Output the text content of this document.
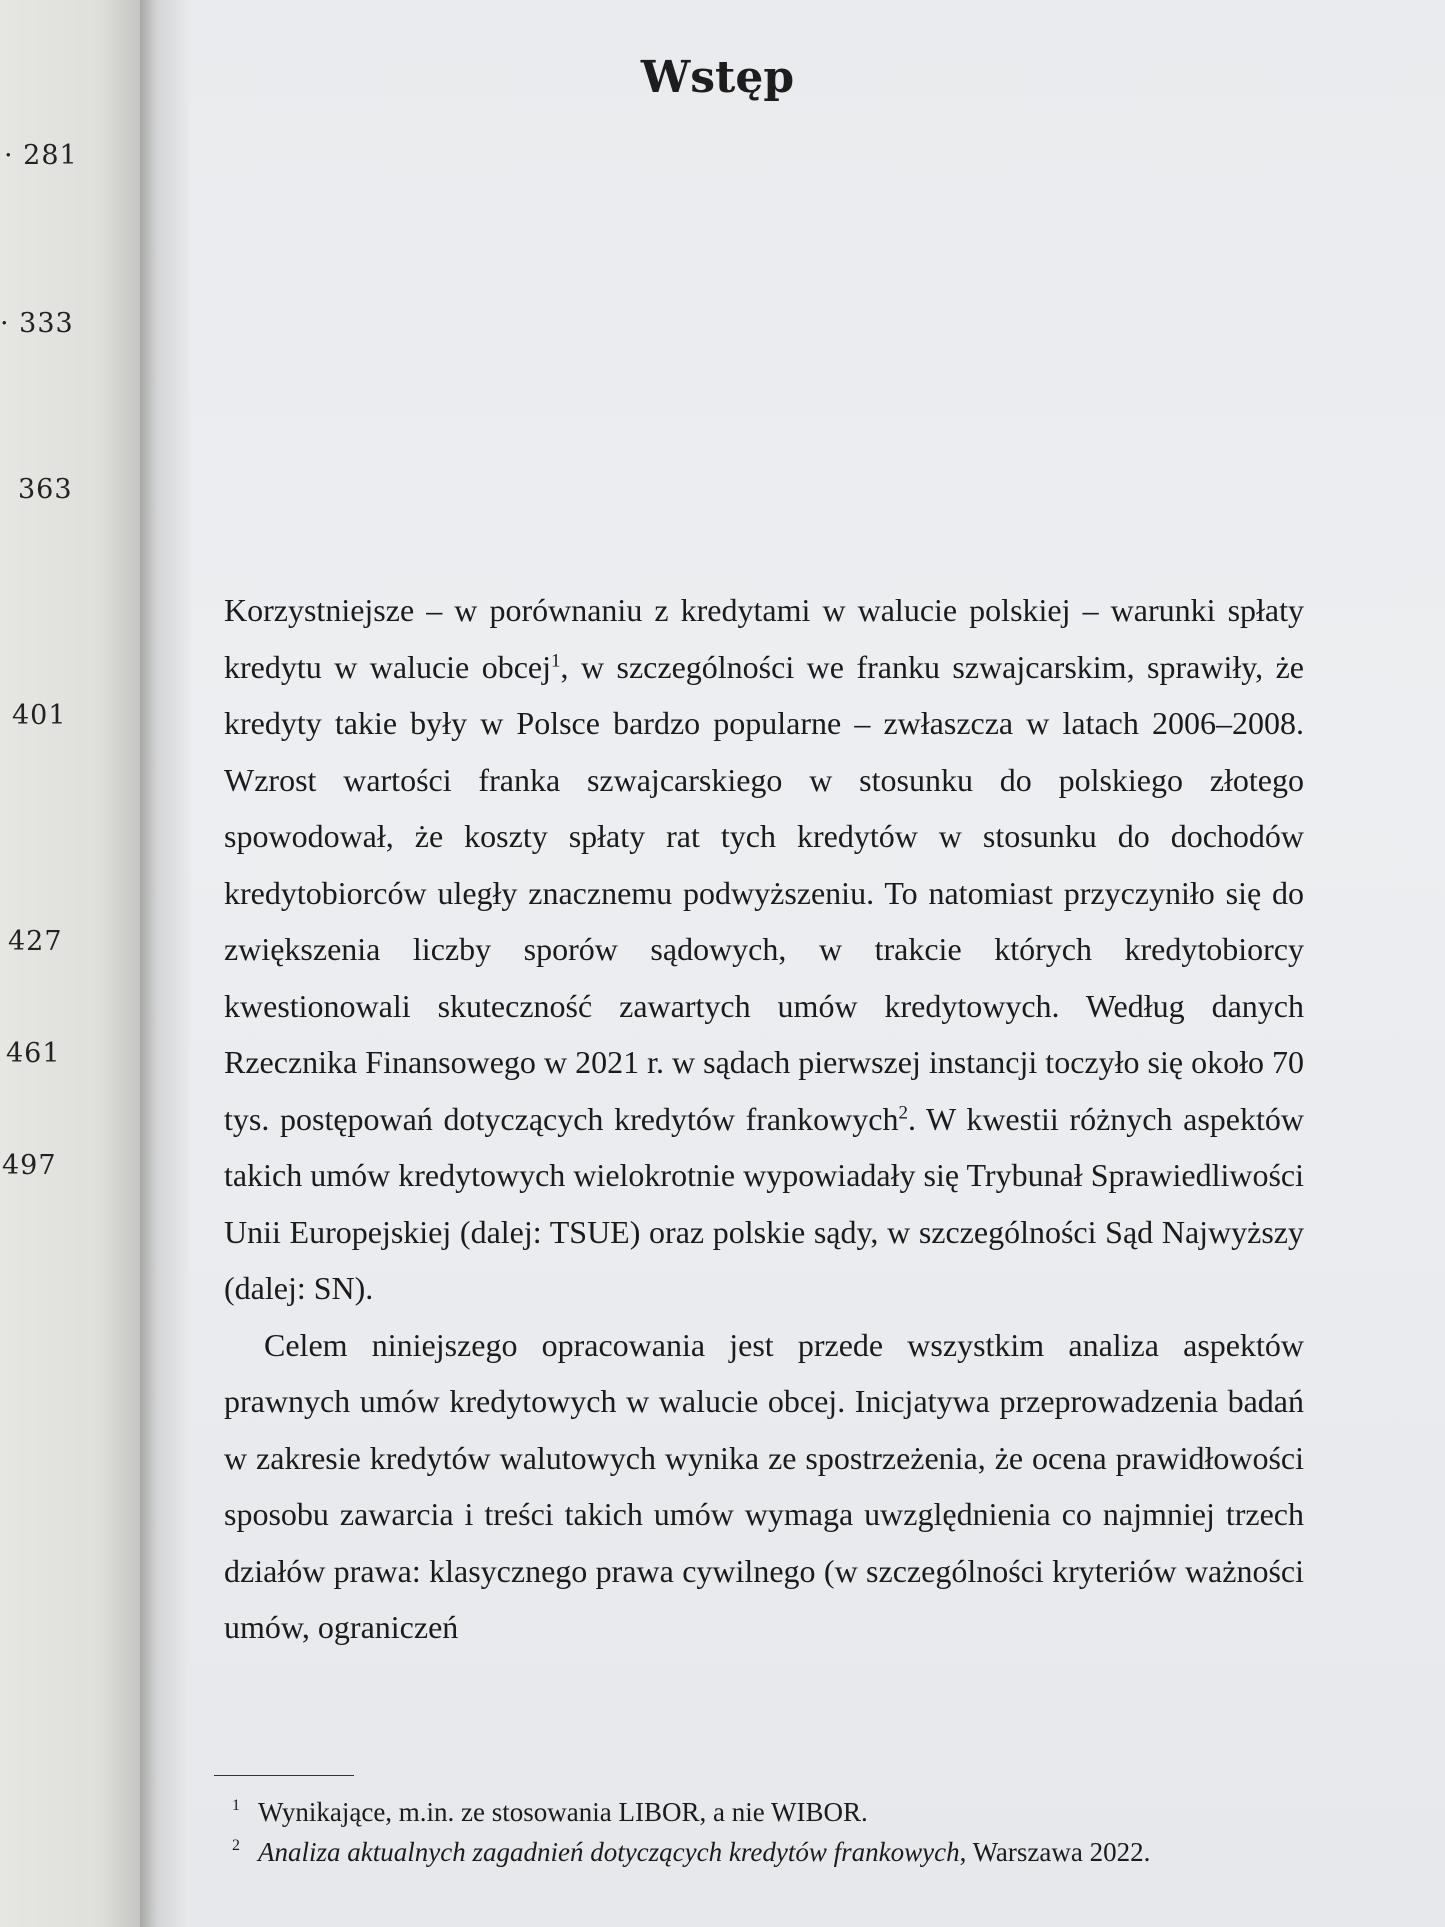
· 281
· 333
363
401
427
461
497
Wstęp

Korzystniejsze – w porównaniu z kredytami w walucie polskiej – warunki spłaty kredytu w walucie obcej$^1$, w szczególności we franku szwajcarskim, sprawiły, że kredyty takie były w Polsce bardzo popularne – zwłaszcza w latach 2006–2008. Wzrost wartości franka szwajcarskiego w stosunku do polskiego złotego spowodował, że koszty spłaty rat tych kredytów w stosunku do dochodów kredytobiorców uległy znacznemu podwyższeniu. To natomiast przyczyniło się do zwiększenia liczby sporów sądowych, w trakcie których kredytobiorcy kwestionowali skuteczność zawartych umów kredytowych. Według danych Rzecznika Finansowego w 2021 r. w sądach pierwszej instancji toczyło się około 70 tys. postępowań dotyczących kredytów frankowych$^2$. W kwestii różnych aspektów takich umów kredytowych wielokrotnie wypowiadały się Trybunał Sprawiedliwości Unii Europejskiej (dalej: TSUE) oraz polskie sądy, w szczególności Sąd Najwyższy (dalej: SN).

Celem niniejszego opracowania jest przede wszystkim analiza aspektów prawnych umów kredytowych w walucie obcej. Inicjatywa przeprowadzenia badań w zakresie kredytów walutowych wynika ze spostrzeżenia, że ocena prawidłowości sposobu zawarcia i treści takich umów wymaga uwzględnienia co najmniej trzech działów prawa: klasycznego prawa cywilnego (w szczególności kryteriów ważności umów, ograniczeń

1 Wynikające, m.in. ze stosowania LIBOR, a nie WIBOR.
2 Analiza aktualnych zagadnień dotyczących kredytów frankowych, Warszawa 2022.
